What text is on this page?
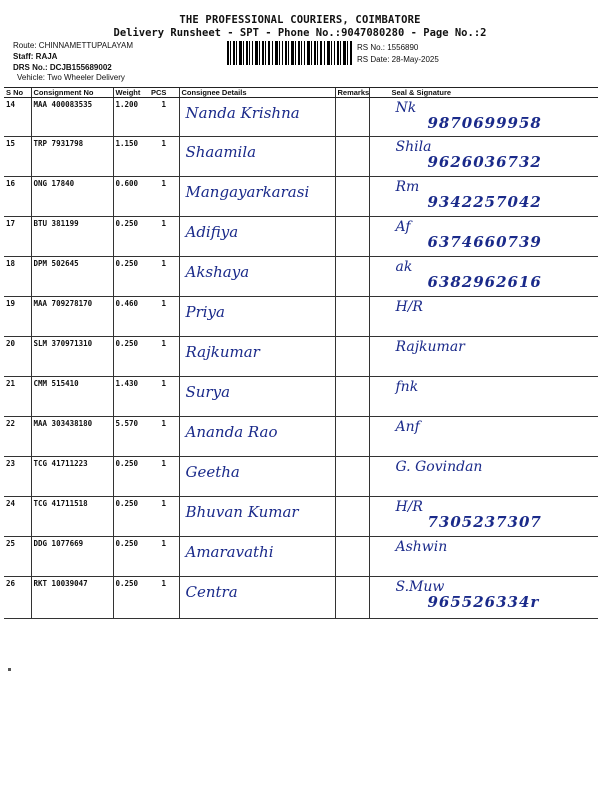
THE PROFESSIONAL COURIERS, COIMBATORE
Delivery Runsheet - SPT - Phone No.:9047080280 - Page No.:2
Route: CHINNAMETTUPALAYAM
Staff: RAJA
DRS No.: DCJB155689002
Vehicle: Two Wheeler Delivery
RS No.: 1556890
RS Date: 28-May-2025
S No	Consignment No	Weight	PCS	Consignee Details	Remarks	Seal & Signature
14	MAA 400083535	1.200	1	Nanda Krishna		Nk
9870699958

15	TRP 7931798	1.150	1	Shaamila		Shila
9626036732

16	ONG 17840	0.600	1	Mangayarkarasi		Rm
9342257042

17	BTU 381199	0.250	1	Adifiya		Af
6374660739

18	DPM 502645	0.250	1	Akshaya		ak
6382962616

19	MAA 709278170	0.460	1	Priya		H/R

20	SLM 370971310	0.250	1	Rajkumar		Rajkumar

21	CMM 515410	1.430	1	Surya		fnk

22	MAA 303438180	5.570	1	Ananda Rao		Anf

23	TCG 41711223	0.250	1	Geetha		G. Govindan

24	TCG 41711518	0.250	1	Bhuvan Kumar		H/R
7305237307

25	DDG 1077669	0.250	1	Amaravathi		Ashwin

26	RKT 10039047	0.250	1	Centra		S.Muw
965526334r
